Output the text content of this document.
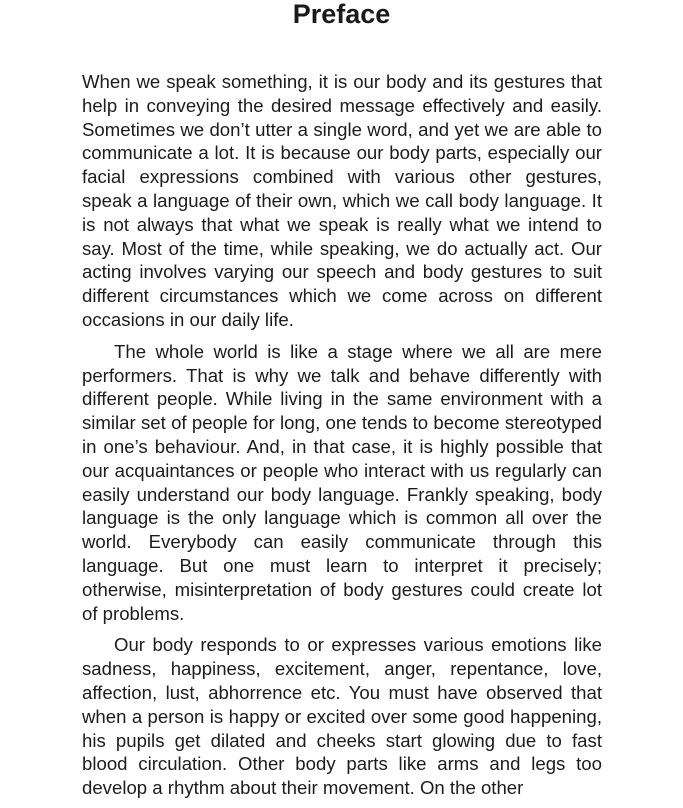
Preface

When we speak something, it is our body and its gestures that help in conveying the desired message effectively and easily. Sometimes we don’t utter a single word, and yet we are able to communicate a lot. It is because our body parts, especially our facial expressions combined with various other gestures, speak a language of their own, which we call body language. It is not always that what we speak is really what we intend to say. Most of the time, while speaking, we do actually act. Our acting involves varying our speech and body gestures to suit different circumstances which we come across on different occasions in our daily life.

The whole world is like a stage where we all are mere performers. That is why we talk and behave differently with different people. While living in the same environment with a similar set of people for long, one tends to become stereotyped in one’s behaviour. And, in that case, it is highly possible that our acquaintances or people who interact with us regularly can easily understand our body language. Frankly speaking, body language is the only language which is common all over the world. Everybody can easily communicate through this language. But one must learn to interpret it precisely; otherwise, misinterpretation of body gestures could create lot of problems.

Our body responds to or expresses various emotions like sadness, happiness, excitement, anger, repentance, love, affection, lust, abhorrence etc. You must have observed that when a person is happy or excited over some good happening, his pupils get dilated and cheeks start glowing due to fast blood circulation. Other body parts like arms and legs too develop a rhythm about their movement. On the other
